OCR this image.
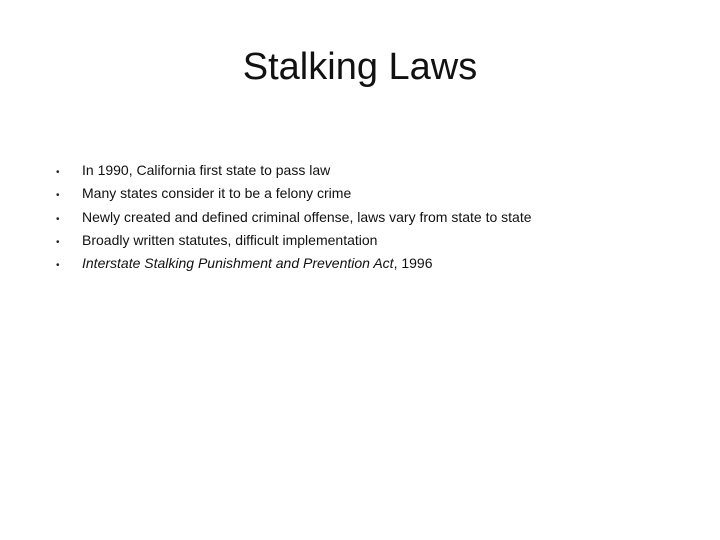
Stalking Laws
•	In 1990, California first state to pass law
•	Many states consider it to be a felony crime
•	Newly created and defined criminal offense, laws vary from state to state
•	Broadly written statutes, difficult implementation
•	Interstate Stalking Punishment and Prevention Act, 1996
